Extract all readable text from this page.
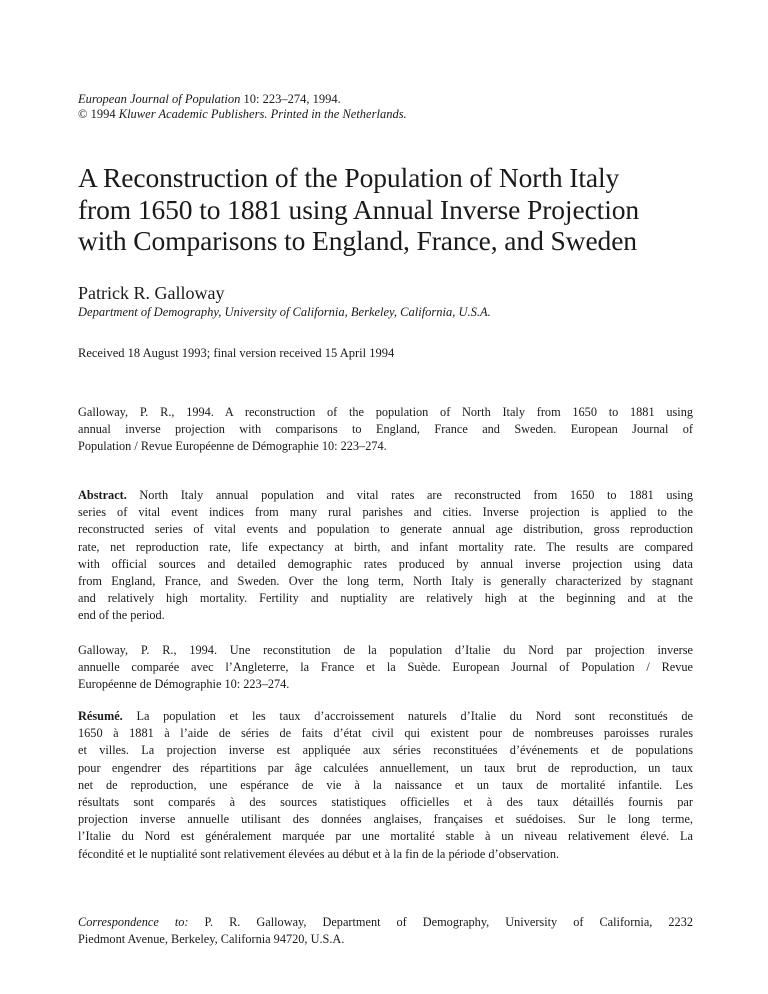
European Journal of Population 10: 223–274, 1994.
© 1994 Kluwer Academic Publishers. Printed in the Netherlands.
A Reconstruction of the Population of North Italy
from 1650 to 1881 using Annual Inverse Projection
with Comparisons to England, France, and Sweden
Patrick R. Galloway
Department of Demography, University of California, Berkeley, California, U.S.A.
Received 18 August 1993; final version received 15 April 1994
Galloway, P. R., 1994. A reconstruction of the population of North Italy from 1650 to 1881 using
annual inverse projection with comparisons to England, France and Sweden. European Journal of
Population / Revue Européenne de Démographie 10: 223–274.
Abstract. North Italy annual population and vital rates are reconstructed from 1650 to 1881 using
series of vital event indices from many rural parishes and cities. Inverse projection is applied to the
reconstructed series of vital events and population to generate annual age distribution, gross reproduction
rate, net reproduction rate, life expectancy at birth, and infant mortality rate. The results are compared
with official sources and detailed demographic rates produced by annual inverse projection using data
from England, France, and Sweden. Over the long term, North Italy is generally characterized by stagnant
and relatively high mortality. Fertility and nuptiality are relatively high at the beginning and at the
end of the period.
Galloway, P. R., 1994. Une reconstitution de la population d’Italie du Nord par projection inverse
annuelle comparée avec l’Angleterre, la France et la Suède. European Journal of Population / Revue
Européenne de Démographie 10: 223–274.
Résumé. La population et les taux d’accroissement naturels d’Italie du Nord sont reconstitués de
1650 à 1881 à l’aide de séries de faits d’état civil qui existent pour de nombreuses paroisses rurales
et villes. La projection inverse est appliquée aux séries reconstituées d’événements et de populations
pour engendrer des répartitions par âge calculées annuellement, un taux brut de reproduction, un taux
net de reproduction, une espérance de vie à la naissance et un taux de mortalité infantile. Les
résultats sont comparés à des sources statistiques officielles et à des taux détaillés fournis par
projection inverse annuelle utilisant des données anglaises, françaises et suédoises. Sur le long terme,
l’Italie du Nord est généralement marquée par une mortalité stable à un niveau relativement élevé. La
fécondité et le nuptialité sont relativement élevées au début et à la fin de la période d’observation.
Correspondence to: P. R. Galloway, Department of Demography, University of California, 2232
Piedmont Avenue, Berkeley, California 94720, U.S.A.
